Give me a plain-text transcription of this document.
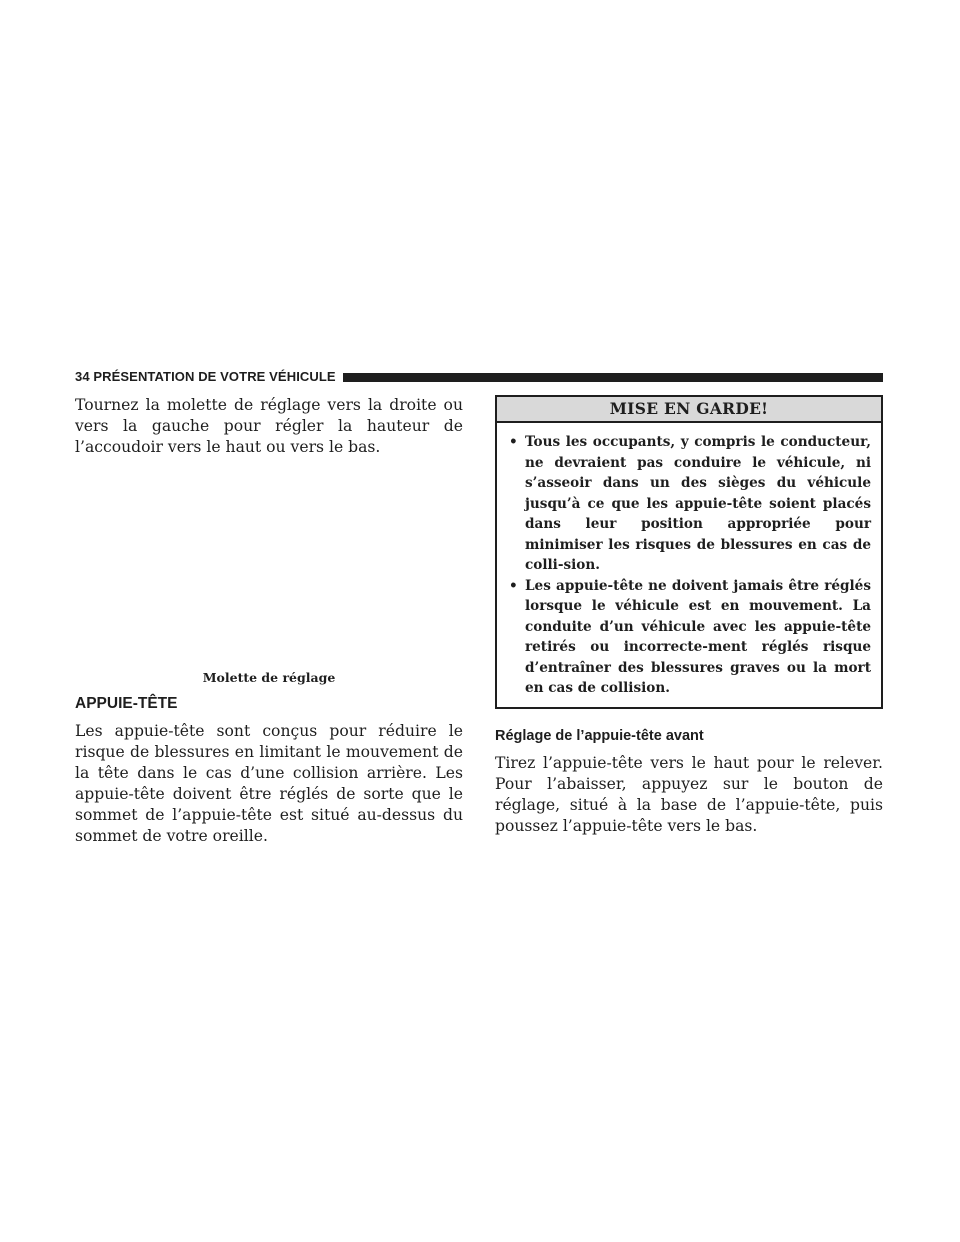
34 PRÉSENTATION DE VOTRE VÉHICULE

Tournez la molette de réglage vers la droite ou vers la gauche pour régler la hauteur de l’accoudoir vers le haut ou vers le bas.

Molette de réglage
APPUIE-TÊTE

Les appuie-tête sont conçus pour réduire le risque de blessures en limitant le mouvement de la tête dans le cas d’une collision arrière. Les appuie-tête doivent être réglés de sorte que le sommet de l’appuie-tête est situé au-dessus du sommet de votre oreille.

MISE EN GARDE!
• Tous les occupants, y compris le conducteur, ne devraient pas conduire le véhicule, ni s’asseoir dans un des sièges du véhicule jusqu’à ce que les appuie-tête soient placés dans leur position appropriée pour minimiser les risques de blessures en cas de colli-sion.
• Les appuie-tête ne doivent jamais être réglés lorsque le véhicule est en mouvement. La conduite d’un véhicule avec les appuie-tête retirés ou incorrecte-ment réglés risque d’entraîner des blessures graves ou la mort en cas de collision.
Réglage de l’appuie-tête avant

Tirez l’appuie-tête vers le haut pour le relever. Pour l’abaisser, appuyez sur le bouton de réglage, situé à la base de l’appuie-tête, puis poussez l’appuie-tête vers le bas.
